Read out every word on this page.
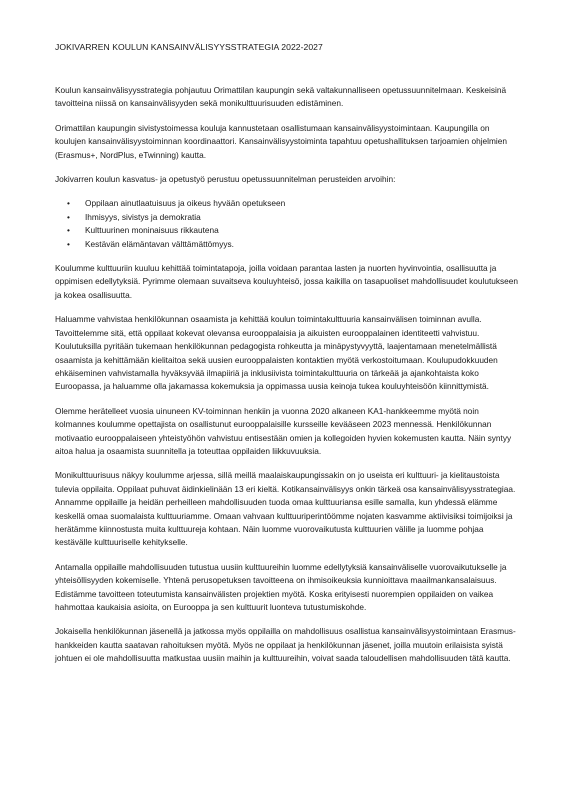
JOKIVARREN KOULUN KANSAINVÄLISYYSSTRATEGIA 2022-2027

Koulun kansainvälisyysstrategia pohjautuu Orimattilan kaupungin sekä valtakunnalliseen opetussuunnitelmaan. Keskeisinä tavoitteina niissä on kansainvälisyyden sekä monikulttuurisuuden edistäminen.

Orimattilan kaupungin sivistystoimessa kouluja kannustetaan osallistumaan kansainvälisyystoimintaan. Kaupungilla on koulujen kansainvälisyystoiminnan koordinaattori. Kansainvälisyystoiminta tapahtuu opetushallituksen tarjoamien ohjelmien (Erasmus+, NordPlus, eTwinning) kautta.

Jokivarren koulun kasvatus- ja opetustyö perustuu opetussuunnitelman perusteiden arvoihin:

• Oppilaan ainutlaatuisuus ja oikeus hyvään opetukseen
• Ihmisyys, sivistys ja demokratia
• Kulttuurinen moninaisuus rikkautena
• Kestävän elämäntavan välttämättömyys.

Koulumme kulttuuriin kuuluu kehittää toimintatapoja, joilla voidaan parantaa lasten ja nuorten hyvinvointia, osallisuutta ja oppimisen edellytyksiä. Pyrimme olemaan suvaitseva kouluyhteisö, jossa kaikilla on tasapuoliset mahdollisuudet koulutukseen ja kokea osallisuutta.

Haluamme vahvistaa henkilökunnan osaamista ja kehittää koulun toimintakulttuuria kansainvälisen toiminnan avulla. Tavoittelemme sitä, että oppilaat kokevat olevansa eurooppalaisia ja aikuisten eurooppalainen identiteetti vahvistuu. Koulutuksilla pyritään tukemaan henkilökunnan pedagogista rohkeutta ja minäpystyvyyttä, laajentamaan menetelmällistä osaamista ja kehittämään kielitaitoa sekä uusien eurooppalaisten kontaktien myötä verkostoitumaan. Koulupudokkuuden ehkäiseminen vahvistamalla hyväksyvää ilmapiiriä ja inklusiivista toimintakulttuuria on tärkeää ja ajankohtaista koko Euroopassa, ja haluamme olla jakamassa kokemuksia ja oppimassa uusia keinoja tukea kouluyhteisöön kiinnittymistä.

Olemme herätelleet vuosia uinuneen KV-toiminnan henkiin ja vuonna 2020 alkaneen KA1-hankkeemme myötä noin kolmannes koulumme opettajista on osallistunut eurooppalaisille kursseille kevääseen 2023 mennessä. Henkilökunnan motivaatio eurooppalaiseen yhteistyöhön vahvistuu entisestään omien ja kollegoiden hyvien kokemusten kautta. Näin syntyy aitoa halua ja osaamista suunnitella ja toteuttaa oppilaiden liikkuvuuksia.

Monikulttuurisuus näkyy koulumme arjessa, sillä meillä maalaiskaupungissakin on jo useista eri kulttuuri- ja kielitaustoista tulevia oppilaita. Oppilaat puhuvat äidinkielinään 13 eri kieltä. Kotikansainvälisyys onkin tärkeä osa kansainvälisyysstrategiaa. Annamme oppilaille ja heidän perheilleen mahdollisuuden tuoda omaa kulttuuriansa esille samalla, kun yhdessä elämme keskellä omaa suomalaista kulttuuriamme. Omaan vahvaan kulttuuriperintöömme nojaten kasvamme aktiivisiksi toimijoiksi ja herätämme kiinnostusta muita kulttuureja kohtaan. Näin luomme vuorovaikutusta kulttuurien välille ja luomme pohjaa kestävälle kulttuuriselle kehitykselle.

Antamalla oppilaille mahdollisuuden tutustua uusiin kulttuureihin luomme edellytyksiä kansainväliselle vuorovaikutukselle ja yhteisöllisyyden kokemiselle. Yhtenä perusopetuksen tavoitteena on ihmisoikeuksia kunnioittava maailmankansalaisuus. Edistämme tavoitteen toteutumista kansainvälisten projektien myötä. Koska erityisesti nuorempien oppilaiden on vaikea hahmottaa kaukaisia asioita, on Eurooppa ja sen kulttuurit luonteva tutustumiskohde.

Jokaisella henkilökunnan jäsenellä ja jatkossa myös oppilailla on mahdollisuus osallistua kansainvälisyystoimintaan Erasmus-hankkeiden kautta saatavan rahoituksen myötä. Myös ne oppilaat ja henkilökunnan jäsenet, joilla muutoin erilaisista syistä johtuen ei ole mahdollisuutta matkustaa uusiin maihin ja kulttuureihin, voivat saada taloudellisen mahdollisuuden tätä kautta.
